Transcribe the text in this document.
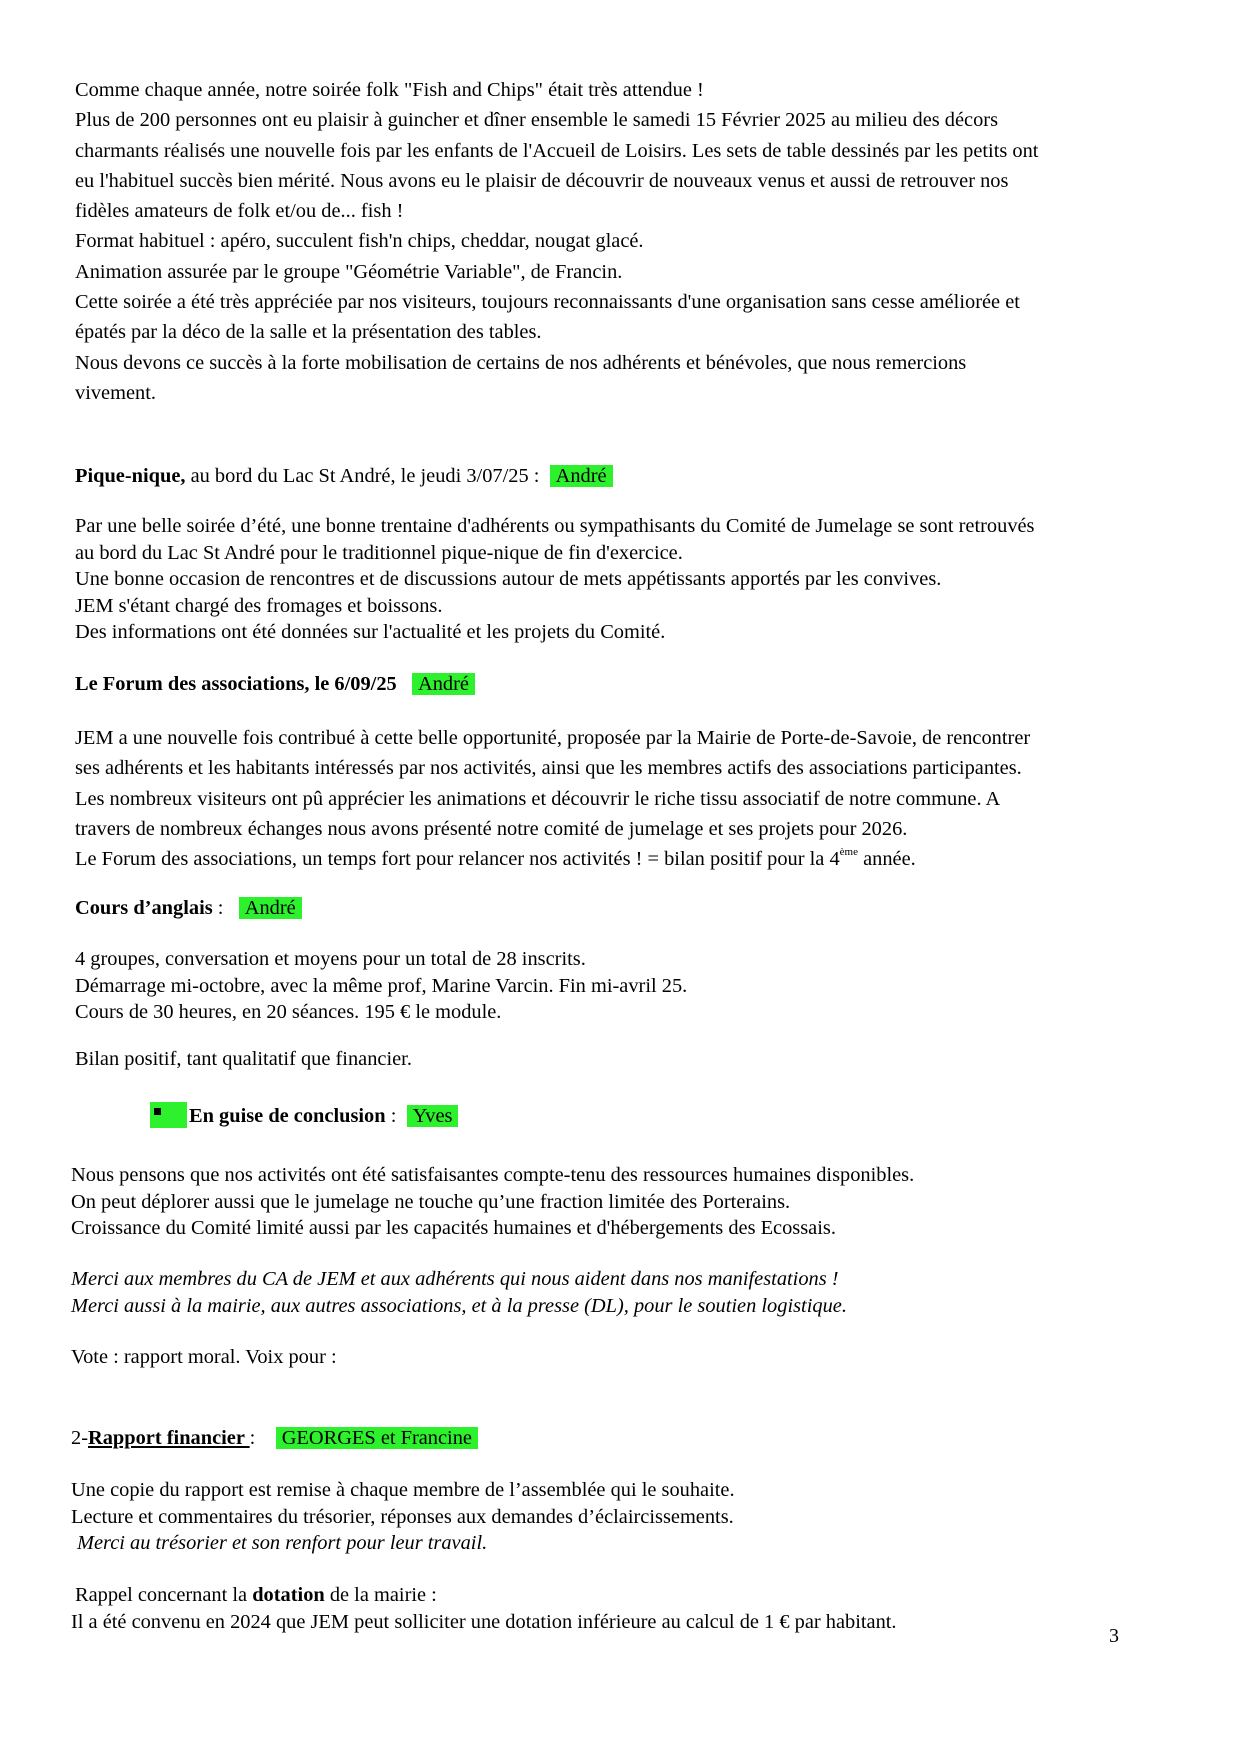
Comme chaque année, notre soirée folk "Fish and Chips" était très attendue !

Plus de 200 personnes ont eu plaisir à guincher et dîner ensemble le samedi 15 Février 2025 au milieu des décors

charmants réalisés une nouvelle fois par les enfants de l'Accueil de Loisirs. Les sets de table dessinés par les petits ont

eu l'habituel succès bien mérité. Nous avons eu le plaisir de découvrir de nouveaux venus et aussi de retrouver nos

fidèles amateurs de folk et/ou de... fish !

Format habituel : apéro, succulent fish'n chips, cheddar, nougat glacé.

Animation assurée par le groupe "Géométrie Variable", de Francin.

Cette soirée a été très appréciée par nos visiteurs, toujours reconnaissants d'une organisation sans cesse améliorée et

épatés par la déco de la salle et la présentation des tables.

Nous devons ce succès à la forte mobilisation de certains de nos adhérents et bénévoles, que nous remercions

vivement.

Pique-nique, au bord du Lac St André, le jeudi 3/07/25 : André

Par une belle soirée d’été, une bonne trentaine d'adhérents ou sympathisants du Comité de Jumelage se sont retrouvés

au bord du Lac St André pour le traditionnel pique-nique de fin d'exercice.

Une bonne occasion de rencontres et de discussions autour de mets appétissants apportés par les convives.

JEM s'étant chargé des fromages et boissons.

Des informations ont été données sur l'actualité et les projets du Comité.

Le Forum des associations, le 6/09/25 André

JEM a une nouvelle fois contribué à cette belle opportunité, proposée par la Mairie de Porte-de-Savoie, de rencontrer

ses adhérents et les habitants intéressés par nos activités, ainsi que les membres actifs des associations participantes.

Les nombreux visiteurs ont pû apprécier les animations et découvrir le riche tissu associatif de notre commune. A

travers de nombreux échanges nous avons présenté notre comité de jumelage et ses projets pour 2026.

Le Forum des associations, un temps fort pour relancer nos activités ! = bilan positif pour la 4ème année.

Cours d’anglais : André

4 groupes, conversation et moyens pour un total de 28 inscrits.

Démarrage mi-octobre, avec la même prof, Marine Varcin. Fin mi-avril 25.

Cours de 30 heures, en 20 séances. 195 € le module.

Bilan positif, tant qualitatif que financier.

En guise de conclusion : Yves

Nous pensons que nos activités ont été satisfaisantes compte-tenu des ressources humaines disponibles.

On peut déplorer aussi que le jumelage ne touche qu’une fraction limitée des Porterains.

Croissance du Comité limité aussi par les capacités humaines et d'hébergements des Ecossais.

Merci aux membres du CA de JEM et aux adhérents qui nous aident dans nos manifestations !

Merci aussi à la mairie, aux autres associations, et à la presse (DL), pour le soutien logistique.

Vote : rapport moral. Voix pour :

2-Rapport financier : GEORGES et Francine

Une copie du rapport est remise à chaque membre de l’assemblée qui le souhaite.

Lecture et commentaires du trésorier, réponses aux demandes d’éclaircissements.

Merci au trésorier et son renfort pour leur travail.

Rappel concernant la dotation de la mairie :

Il a été convenu en 2024 que JEM peut solliciter une dotation inférieure au calcul de 1 € par habitant.

3
